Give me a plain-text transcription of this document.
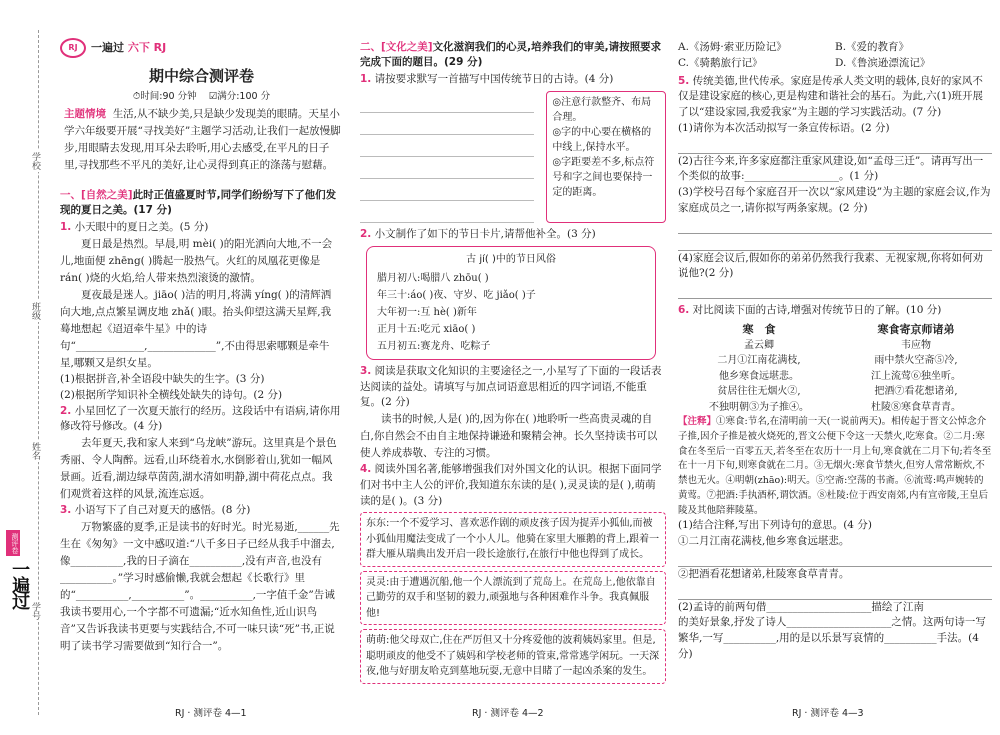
学校
班级
姓名
学号
测评卷
一遍过
RJ	一遍过 六下 RJ
期中综合测评卷
⏱时间:90 分钟 ☑满分:100 分
主题情境 生活,从不缺少美,只是缺少发现美的眼睛。天星小学六年级要开展“寻找美好”主题学习活动,让我们一起放慢脚步,用眼睛去发现,用耳朵去聆听,用心去感受,在平凡的日子里,寻找那些不平凡的美好,让心灵得到真正的涤荡与慰藉。
一、[自然之美]此时正值盛夏时节,同学们纷纷写下了他们发现的夏日之美。(17 分)
1. 小天眼中的夏日之美。(5 分)
夏日最是热烈。早晨,明 mèi( )的阳光洒向大地,不一会儿,地面便 zhēng( )腾起一股热气。火红的凤凰花更像是 rán( )烧的火焰,给人带来热烈滚烫的激情。
夏夜最是迷人。jiāo( )洁的明月,将满 yíng( )的清辉洒向大地,点点繁星调皮地 zhǎ( )眼。抬头仰望这满天星辉,我蓦地想起《迢迢牵牛星》中的诗句“_____________,_____________”,不由得思索哪颗是牵牛星,哪颗又是织女星。
(1)根据拼音,补全语段中缺失的生字。(3 分)
(2)根据所学知识补全横线处缺失的诗句。(2 分)
2. 小星回忆了一次夏天旅行的经历。这段话中有语病,请你用修改符号修改。(4 分)
去年夏天,我和家人来到“乌龙峡”游玩。这里真是个景色秀丽、令人陶醉。远看,山环绕着水,水倒影着山,犹如一幅风景画。近看,湖边绿草茵茵,湖水清如明静,湖中荷花点点。我们观赏着这样的风景,流连忘返。
3. 小语写下了自己对夏天的感悟。(8 分)
万物繁盛的夏季,正是读书的好时光。时光易逝,______先生在《匆匆》一文中感叹道:“八千多日子已经从我手中溜去,像__________,我的日子滴在__________,没有声音,也没有__________。”学习时感偷懒,我就会想起《长歌行》里的“__________,__________”。__________,一字值千金”告诫我读书要用心,一个字都不可遗漏;“近水知鱼性,近山识鸟音”又告诉我读书更要与实践结合,不可一味只读“死”书,正说明了读书学习需要做到“知行合一”。
RJ · 测评卷 4—1
二、[文化之美]文化滋润我们的心灵,培养我们的审美,请按照要求完成下面的题目。(29 分)
1. 请按要求默写一首描写中国传统节日的古诗。(4 分)
◎注意行款整齐、布局合理。
◎字的中心要在横格的中线上,保持水平。
◎字距要差不多,标点符号和字之间也要保持一定的距离。
2. 小文制作了如下的节日卡片,请帮他补全。(3 分)
古 jí( )中的节日风俗
腊月初八:喝腊八 zhōu( )
年三十:áo( )夜、守岁、吃 jiǎo( )子
大年初一:互 hè( )新年
正月十五:吃元 xiāo( )
五月初五:赛龙舟、吃粽子
3. 阅读是获取文化知识的主要途径之一,小星写了下面的一段话表达阅读的益处。请填写与加点词语意思相近的四字词语,不能重复。(2 分)
读书的时候,人是( )的,因为你在( )地聆听一些高贵灵魂的自白,你自然会不由自主地保持谦逊和聚精会神。长久坚持读书可以使人养成恭敬、专注的习惯。
4. 阅读外国名著,能够增强我们对外国文化的认识。根据下面同学们对书中主人公的评价,我知道东东读的是( ),灵灵读的是( ),萌萌读的是( )。(3 分)
东东:一个不爱学习、喜欢恶作剧的顽皮孩子因为捉弄小狐仙,而被小狐仙用魔法变成了一个小人儿。他骑在家里大雁鹅的背上,跟着一群大雁从瑞典出发开启一段长途旅行,在旅行中他也得到了成长。
灵灵:由于遭遇沉船,他一个人漂流到了荒岛上。在荒岛上,他依靠自己勤劳的双手和坚韧的毅力,顽强地与各种困难作斗争。我真佩服他!
萌萌:他父母双亡,住在严厉但又十分疼爱他的波莉姨妈家里。但是,聪明顽皮的他受不了姨妈和学校老师的管束,常常逃学闲玩。一天深夜,他与好朋友哈克到墓地玩耍,无意中目睹了一起凶杀案的发生。
RJ · 测评卷 4—2
A.《汤姆·索亚历险记》	B.《爱的教育》
C.《骑鹅旅行记》	D.《鲁滨逊漂流记》
5. 传统美德,世代传承。家庭是传承人类文明的载体,良好的家风不仅是建设家庭的核心,更是构建和谐社会的基石。为此,六(1)班开展了以“建设家园,我爱我家”为主题的学习实践活动。(7 分)
(1)请你为本次活动拟写一条宣传标语。(2 分)
(2)古往今来,许多家庭都注重家风建设,如“孟母三迁”。请再写出一个类似的故事:__________________。(1 分)
(3)学校号召每个家庭召开一次以“家风建设”为主题的家庭会议,作为家庭成员之一,请你拟写两条家规。(2 分)
(4)家庭会议后,假如你的弟弟仍然我行我素、无视家规,你将如何劝说他?(2 分)
6. 对比阅读下面的古诗,增强对传统节日的了解。(10 分)
寒　食
孟云卿
二月①江南花满枝,
他乡寒食远堪悲。
贫居往往无烟火②,
不独明朝③为子推④。
寒食寄京师诸弟
韦应物
雨中禁火空斋⑤冷,
江上流莺⑥独坐听。
把酒⑦看花想诸弟,
杜陵⑧寒食草青青。
【注释】①寒食:节名,在清明前一天(一说前两天)。相传起于晋文公悼念介子推,因介子推是被火烧死的,晋文公便下令这一天禁火,吃寒食。②二月:寒食在冬至后一百零五天,若冬至在农历十一月上旬,寒食就在二月下旬;若冬至在十一月下旬,则寒食就在二月。③无烟火:寒食节禁火,但穷人常常断炊,不禁也无火。④明朝(zhāo):明天。⑤空斋:空荡的书斋。⑥流莺:鸣声婉转的黄莺。⑦把酒:手执酒杯,谓饮酒。⑧杜陵:位于西安南郊,内有宣帝陵,王皇后陵及其他陪葬陵墓。
(1)结合注释,写出下列诗句的意思。(4 分)
①二月江南花满枝,他乡寒食远堪悲。
②把酒看花想诸弟,杜陵寒食草青青。
(2)孟诗的前两句借____________________描绘了江南
的美好景象,抒发了诗人____________________之情。这两句诗一写繁华,一写__________,用的是以乐景写哀情的__________手法。(4 分)
RJ · 测评卷 4—3
